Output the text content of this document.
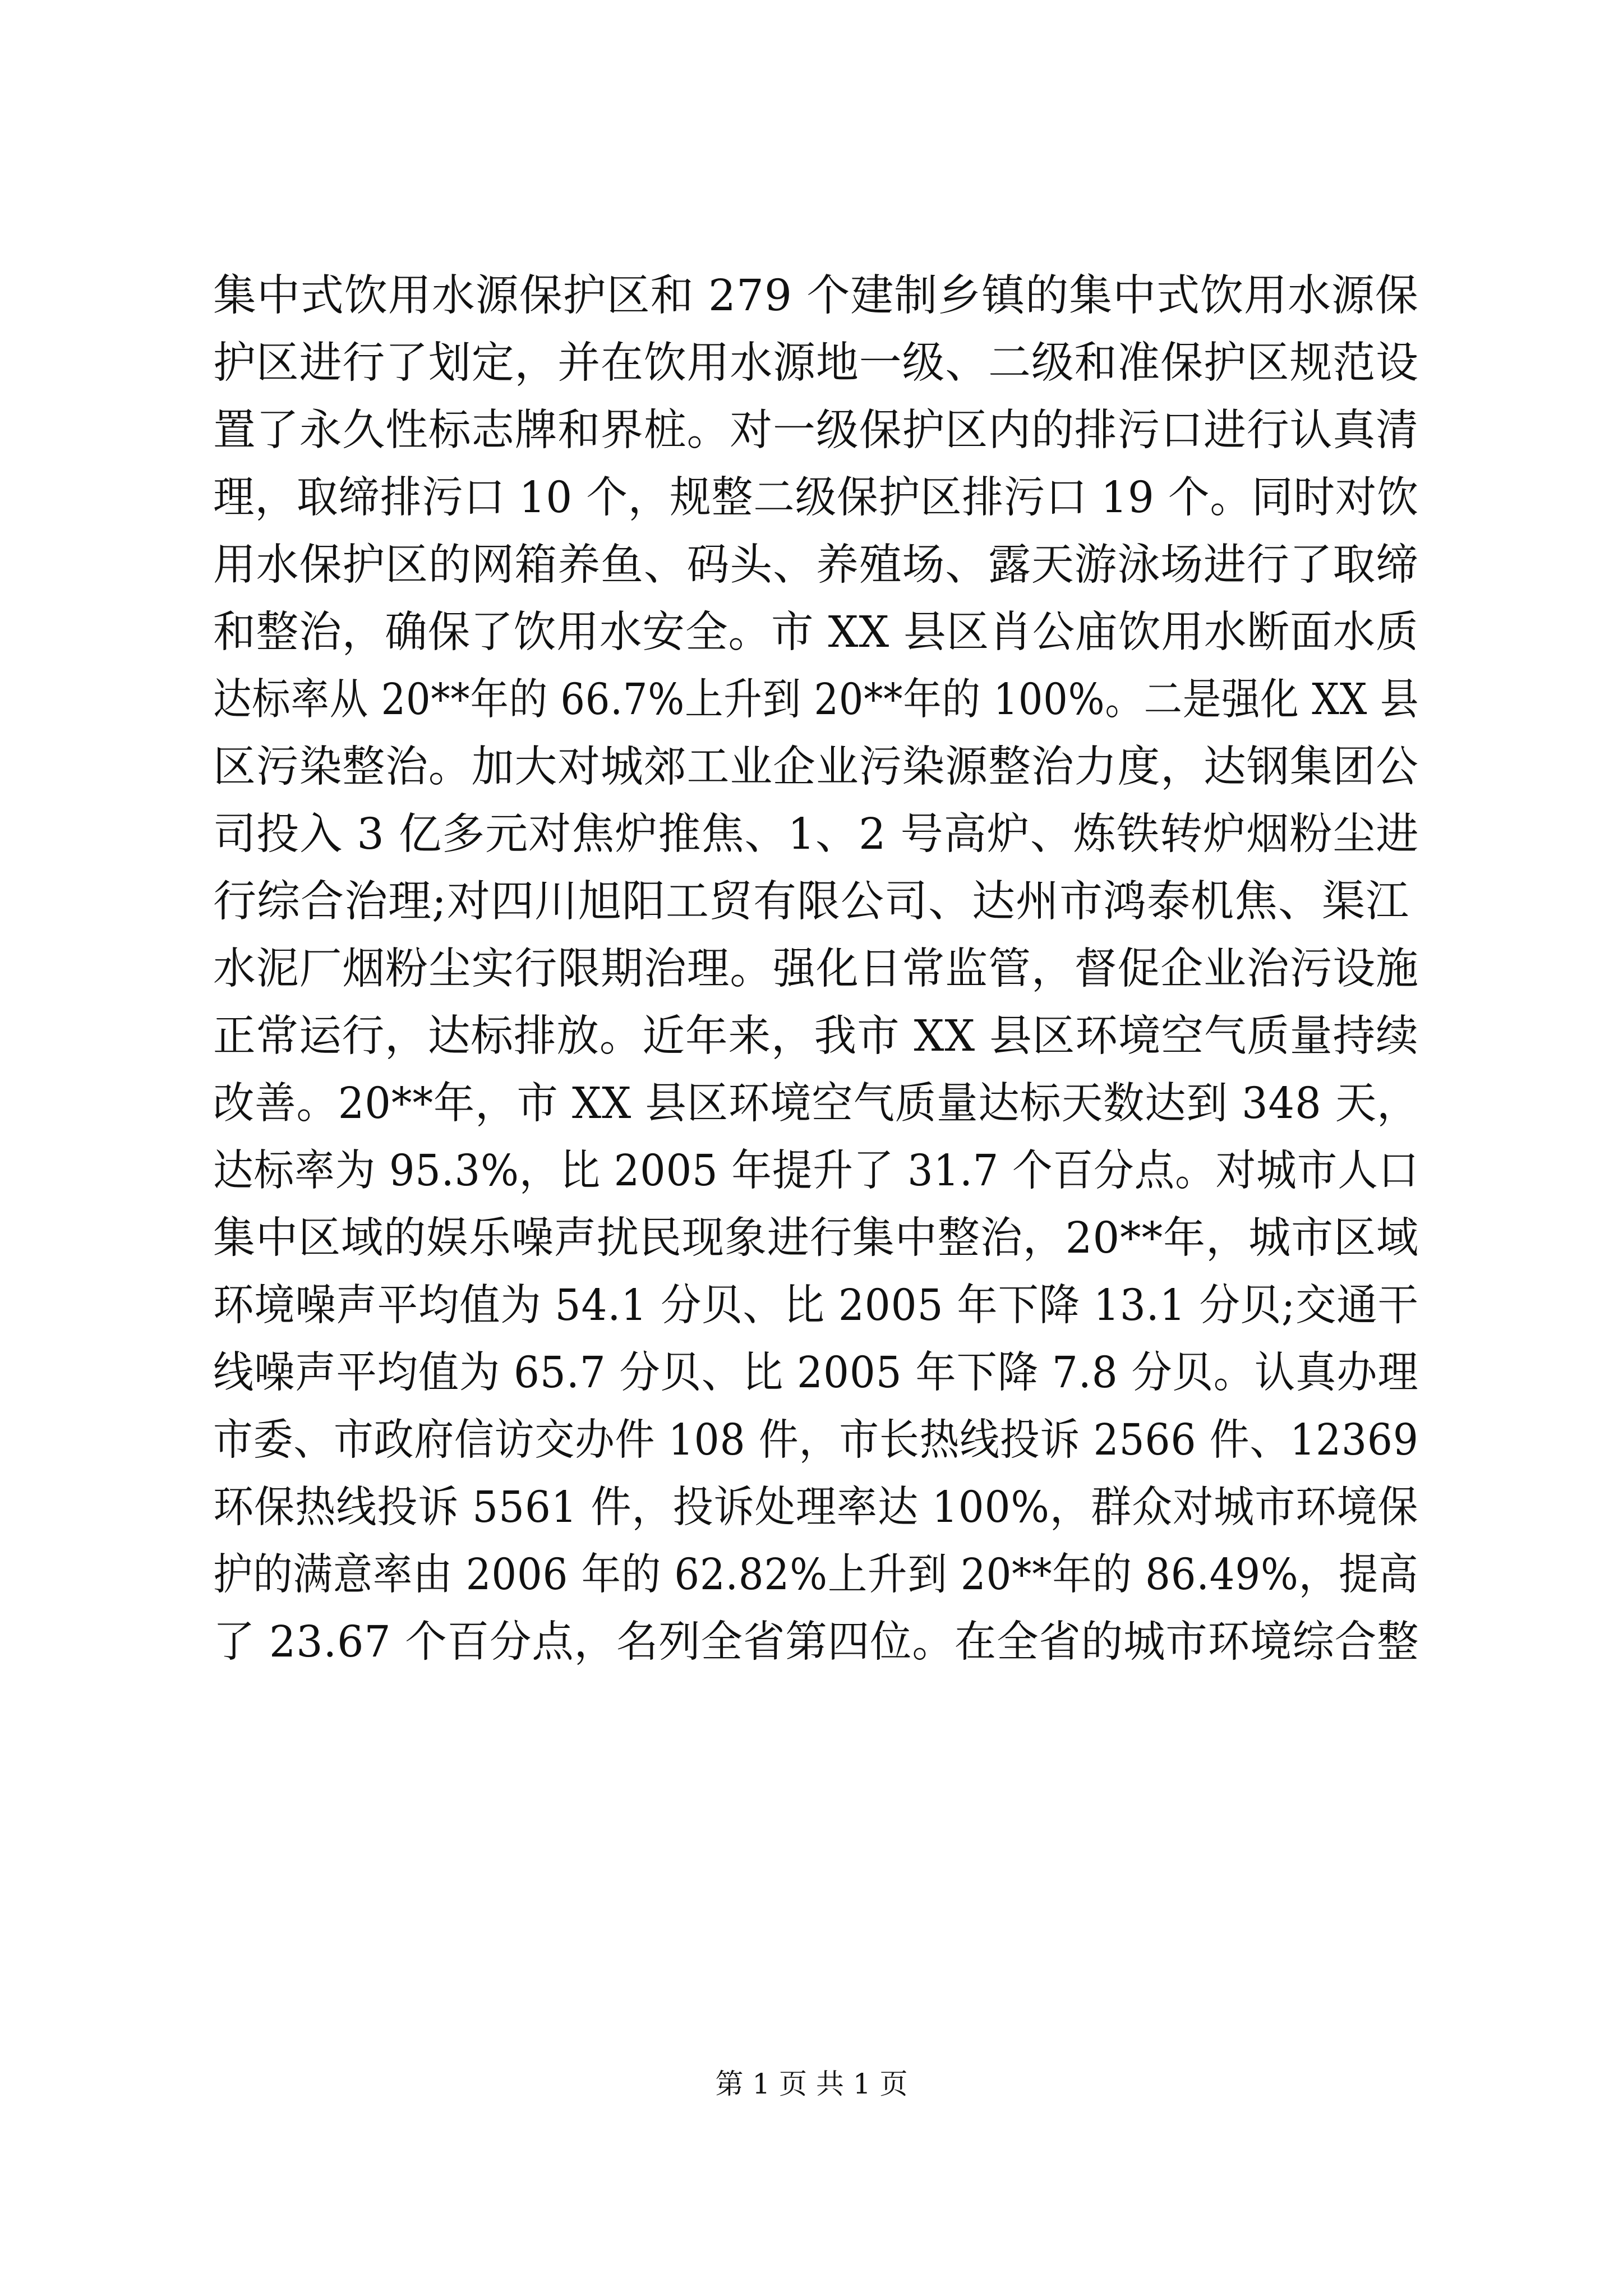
集中式饮用水源保护区和 279 个建制乡镇的集中式饮用水源保
护区进行了划定，并在饮用水源地一级、二级和准保护区规范设
置了永久性标志牌和界桩。对一级保护区内的排污口进行认真清
理，取缔排污口 10 个，规整二级保护区排污口 19 个。同时对饮
用水保护区的网箱养鱼、码头、养殖场、露天游泳场进行了取缔
和整治，确保了饮用水安全。市 XX 县区肖公庙饮用水断面水质
达标率从 20**年的 66.7%上升到 20**年的 100%。二是强化 XX 县
区污染整治。加大对城郊工业企业污染源整治力度，达钢集团公
司投入 3 亿多元对焦炉推焦、1、2 号高炉、炼铁转炉烟粉尘进
行综合治理;对四川旭阳工贸有限公司、达州市鸿泰机焦、渠江
水泥厂烟粉尘实行限期治理。强化日常监管，督促企业治污设施
正常运行，达标排放。近年来，我市 XX 县区环境空气质量持续
改善。20**年，市 XX 县区环境空气质量达标天数达到 348 天，
达标率为 95.3%，比 2005 年提升了 31.7 个百分点。对城市人口
集中区域的娱乐噪声扰民现象进行集中整治，20**年，城市区域
环境噪声平均值为 54.1 分贝、比 2005 年下降 13.1 分贝;交通干
线噪声平均值为 65.7 分贝、比 2005 年下降 7.8 分贝。认真办理
市委、市政府信访交办件 108 件，市长热线投诉 2566 件、12369
环保热线投诉 5561 件，投诉处理率达 100%，群众对城市环境保
护的满意率由 2006 年的 62.82%上升到 20**年的 86.49%，提高
了 23.67 个百分点，名列全省第四位。在全省的城市环境综合整
第 1 页 共 1 页
